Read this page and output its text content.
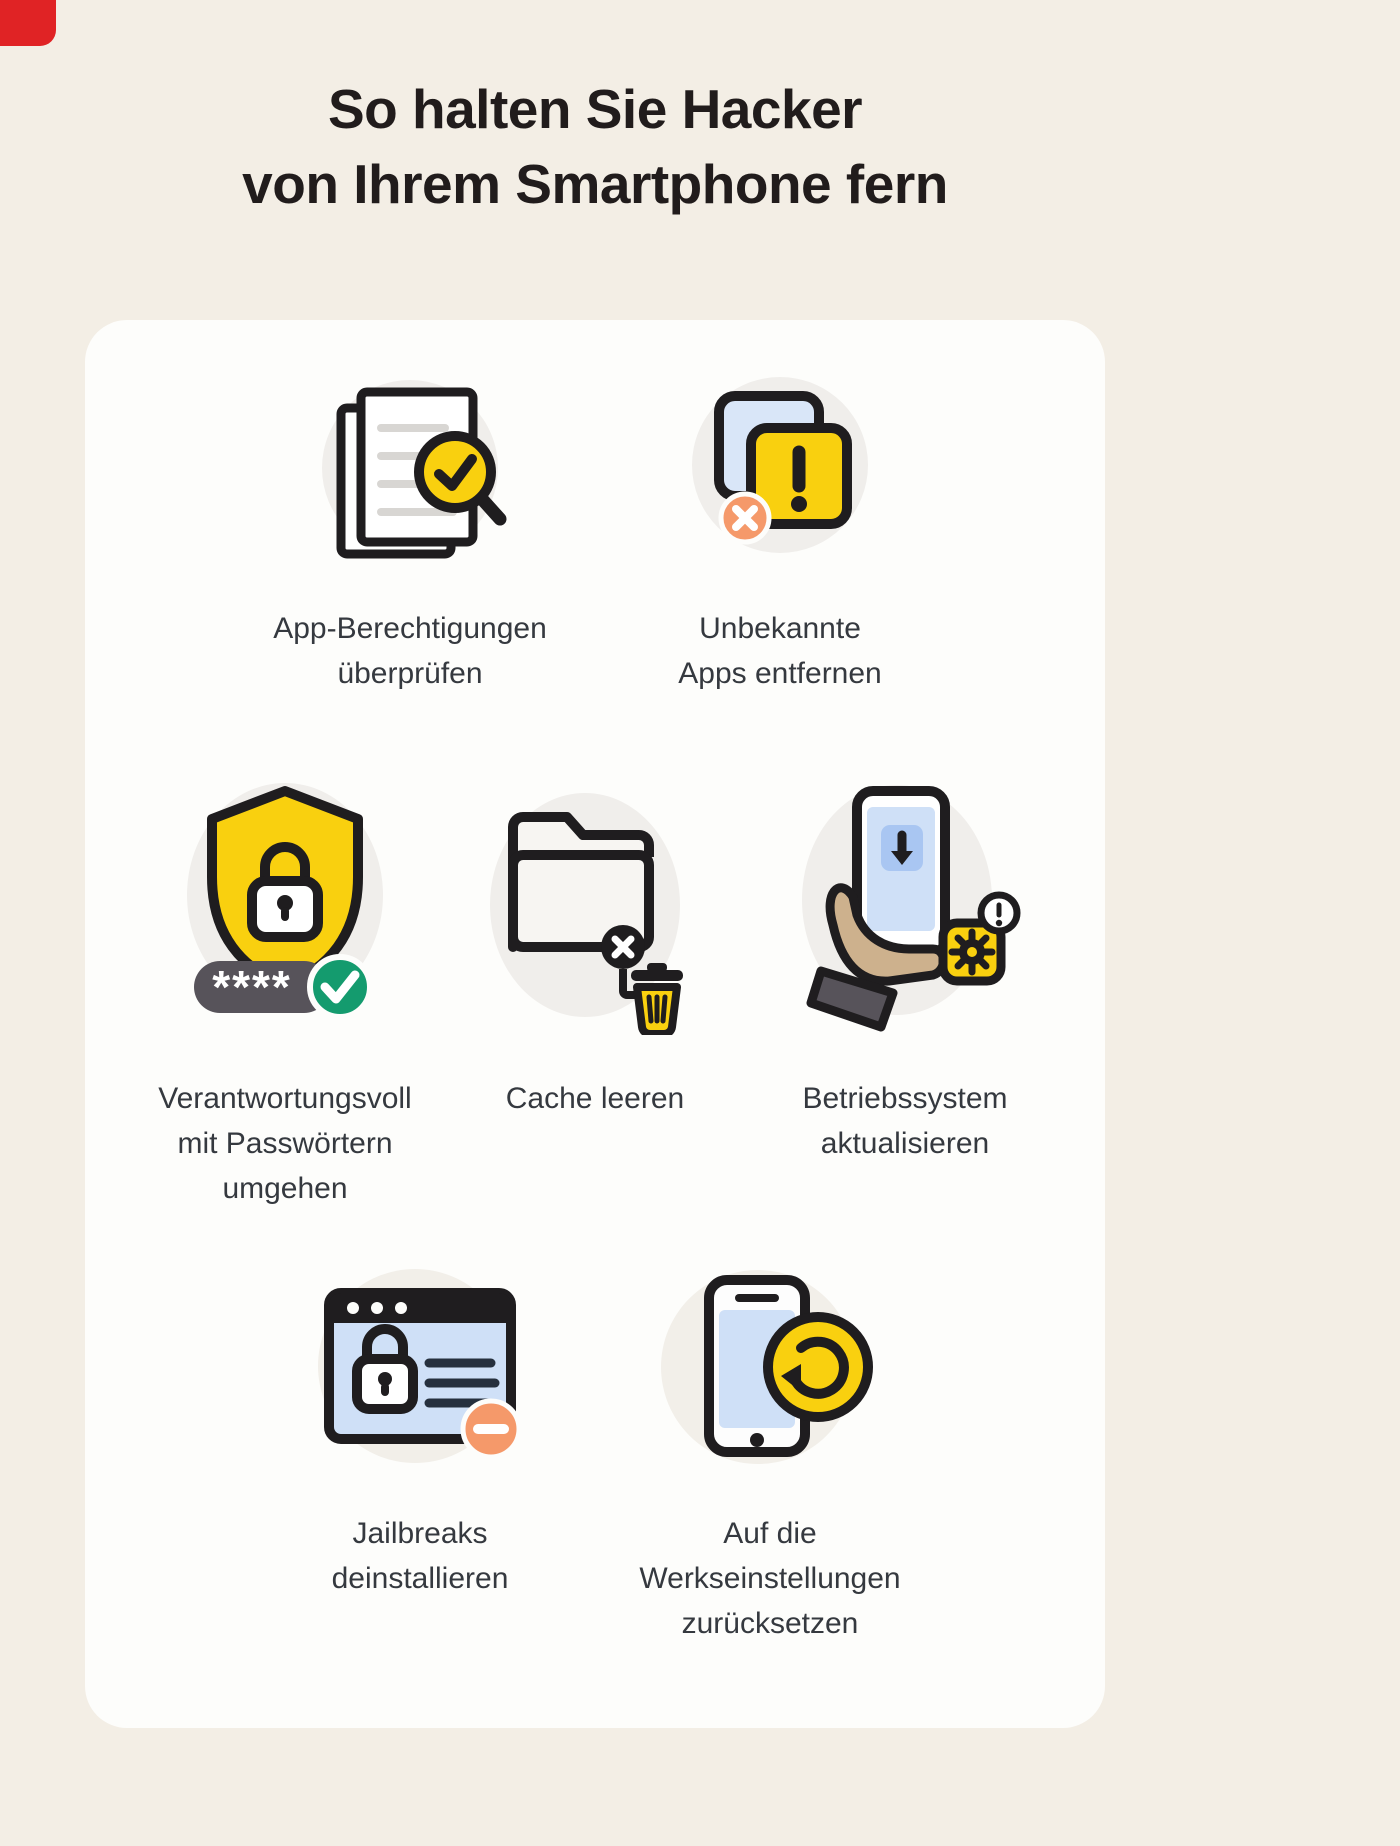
So halten Sie Hacker
von Ihrem Smartphone fern
App-Berechtigungen
überprüfen
Unbekannte
Apps entfernen
****
Verantwortungsvoll
mit Passwörtern
umgehen
Cache leeren	Betriebssystem
aktualisieren
Jailbreaks
deinstallieren
Auf die
Werkseinstellungen
zurücksetzen
